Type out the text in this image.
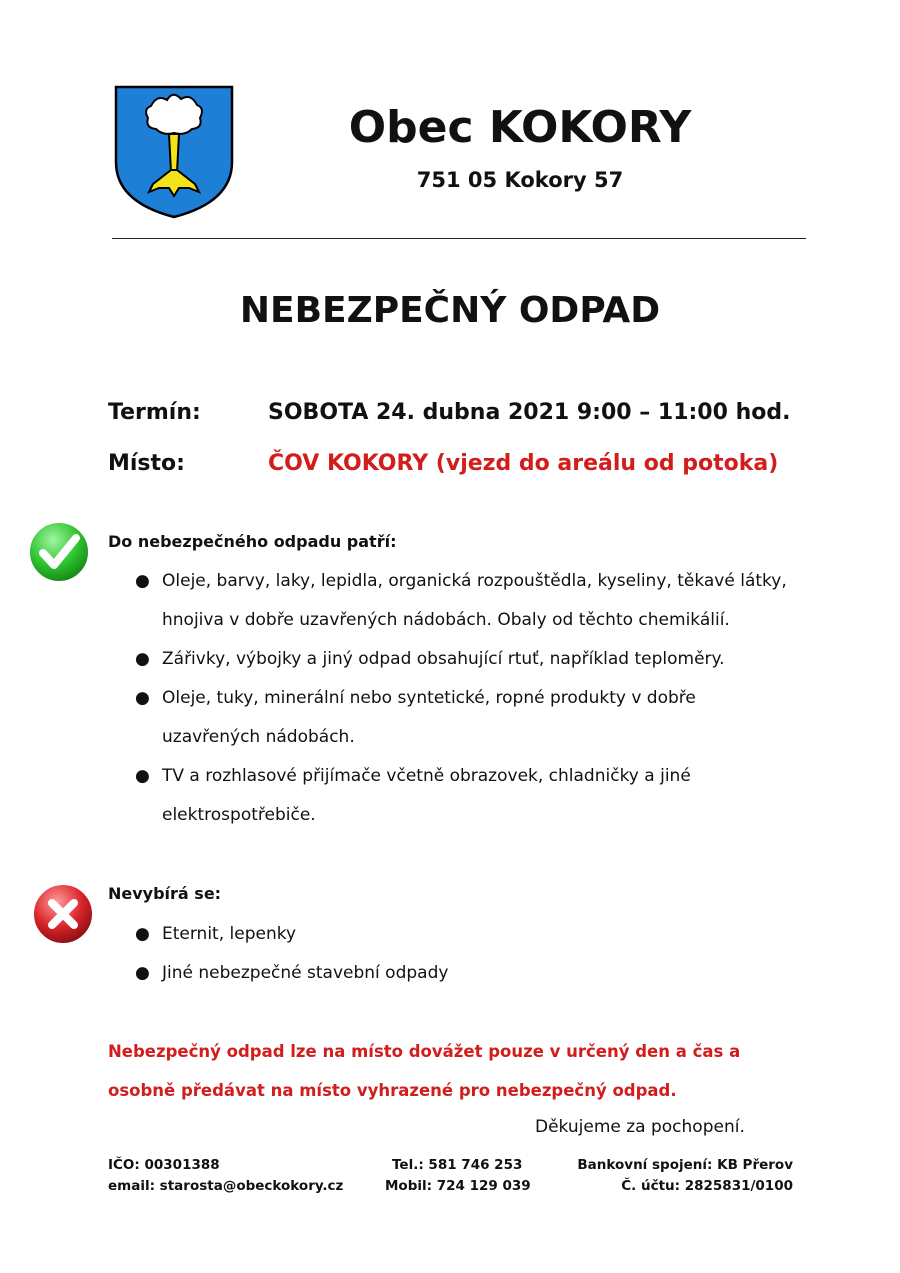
Obec KOKORY
751 05 Kokory 57
NEBEZPEČNÝ ODPAD
Termín:	SOBOTA 24. dubna 2021 9:00 – 11:00 hod.
Místo:	ČOV KOKORY (vjezd do areálu od potoka)
Do nebezpečného odpadu patří:
● Oleje, barvy, laky, lepidla, organická rozpouštědla, kyseliny, těkavé látky, hnojiva v dobře uzavřených nádobách. Obaly od těchto chemikálií.
● Zářivky, výbojky a jiný odpad obsahující rtuť, například teploměry.
● Oleje, tuky, minerální nebo syntetické, ropné produkty v dobře uzavřených nádobách.
● TV a rozhlasové přijímače včetně obrazovek, chladničky a jiné elektrospotřebiče.
Nevybírá se:
● Eternit, lepenky
● Jiné nebezpečné stavební odpady
Nebezpečný odpad lze na místo dovážet pouze v určený den a čas a osobně předávat na místo vyhrazené pro nebezpečný odpad.
Děkujeme za pochopení.
IČO: 00301388
email: starosta@obeckokory.cz
Tel.: 581 746 253
Mobil: 724 129 039
Bankovní spojení: KB Přerov
Č. účtu: 2825831/0100
